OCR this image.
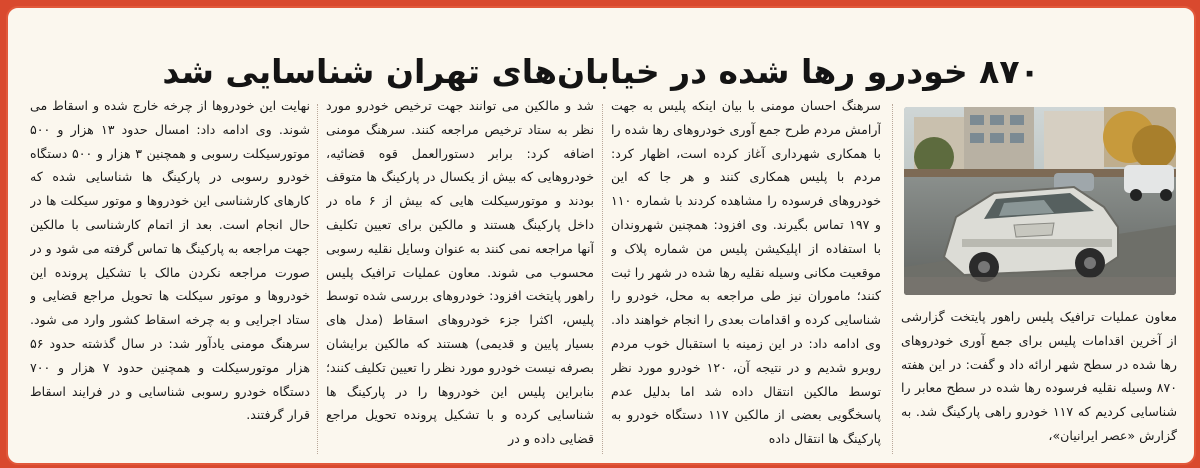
۸۷۰ خودرو رها شده در خیابان‌های تهران شناسایی شد

معاون عملیات ترافیک پلیس راهور پایتخت گزارشی از آخرین اقدامات پلیس برای جمع آوری خودروهای رها شده در سطح شهر ارائه داد و گفت: در این هفته ۸۷۰ وسیله نقلیه فرسوده رها شده در سطح معابر را شناسایی کردیم که ۱۱۷ خودرو راهی پارکینگ شد. به گزارش «عصر ایرانیان»،

سرهنگ احسان مومنی با بیان اینکه پلیس به جهت آرامش مردم طرح جمع آوری خودروهای رها شده را با همکاری شهرداری آغاز کرده است، اظهار کرد: مردم با پلیس همکاری کنند و هر جا که این خودروهای فرسوده را مشاهده کردند با شماره ۱۱۰ و ۱۹۷ تماس بگیرند. وی افزود: همچنین شهروندان با استفاده از اپلیکیشن پلیس من شماره پلاک و موقعیت مکانی وسیله نقلیه رها شده در شهر را ثبت کنند؛ ماموران نیز طی مراجعه به محل، خودرو را شناسایی کرده و اقدامات بعدی را انجام خواهند داد. وی ادامه داد: در این زمینه با استقبال خوب مردم روبرو شدیم و در نتیجه آن، ۱۲۰ خودرو مورد نظر توسط مالکین انتقال داده شد اما بدلیل عدم پاسخگویی بعضی از مالکین ۱۱۷ دستگاه خودرو به پارکینگ ها انتقال داده

شد و مالکین می توانند جهت ترخیص خودرو مورد نظر به ستاد ترخیص مراجعه کنند. سرهنگ مومنی اضافه کرد: برابر دستورالعمل قوه قضائیه، خودروهایی که بیش از یکسال در پارکینگ ها متوقف بودند و موتورسیکلت هایی که بیش از ۶ ماه در داخل پارکینگ هستند و مالکین برای تعیین تکلیف آنها مراجعه نمی کنند به عنوان وسایل نقلیه رسوبی محسوب می شوند. معاون عملیات ترافیک پلیس راهور پایتخت افزود: خودروهای بررسی شده توسط پلیس، اکثرا جزء خودروهای اسقاط (مدل های بسیار پایین و قدیمی) هستند که مالکین برایشان بصرفه نیست خودرو مورد نظر را تعیین تکلیف کنند؛ بنابراین پلیس این خودروها را در پارکینگ ها شناسایی کرده و با تشکیل پرونده تحویل مراجع قضایی داده و در

نهایت این خودروها از چرخه خارج شده و اسقاط می شوند. وی ادامه داد: امسال حدود ۱۳ هزار و ۵۰۰ موتورسیکلت رسوبی و همچنین ۳ هزار و ۵۰۰ دستگاه خودرو رسوبی در پارکینگ ها شناسایی شده که کارهای کارشناسی این خودروها و موتور سیکلت ها در حال انجام است. بعد از اتمام کارشناسی با مالکین جهت مراجعه به پارکینگ ها تماس گرفته می شود و در صورت مراجعه نکردن مالک با تشکیل پرونده این خودروها و موتور سیکلت ها تحویل مراجع قضایی و ستاد اجرایی و به چرخه اسقاط کشور وارد می شود. سرهنگ مومنی یادآور شد: در سال گذشته حدود ۵۶ هزار موتورسیکلت و همچنین حدود ۷ هزار و ۷۰۰ دستگاه خودرو رسوبی شناسایی و در فرایند اسقاط قرار گرفتند.
